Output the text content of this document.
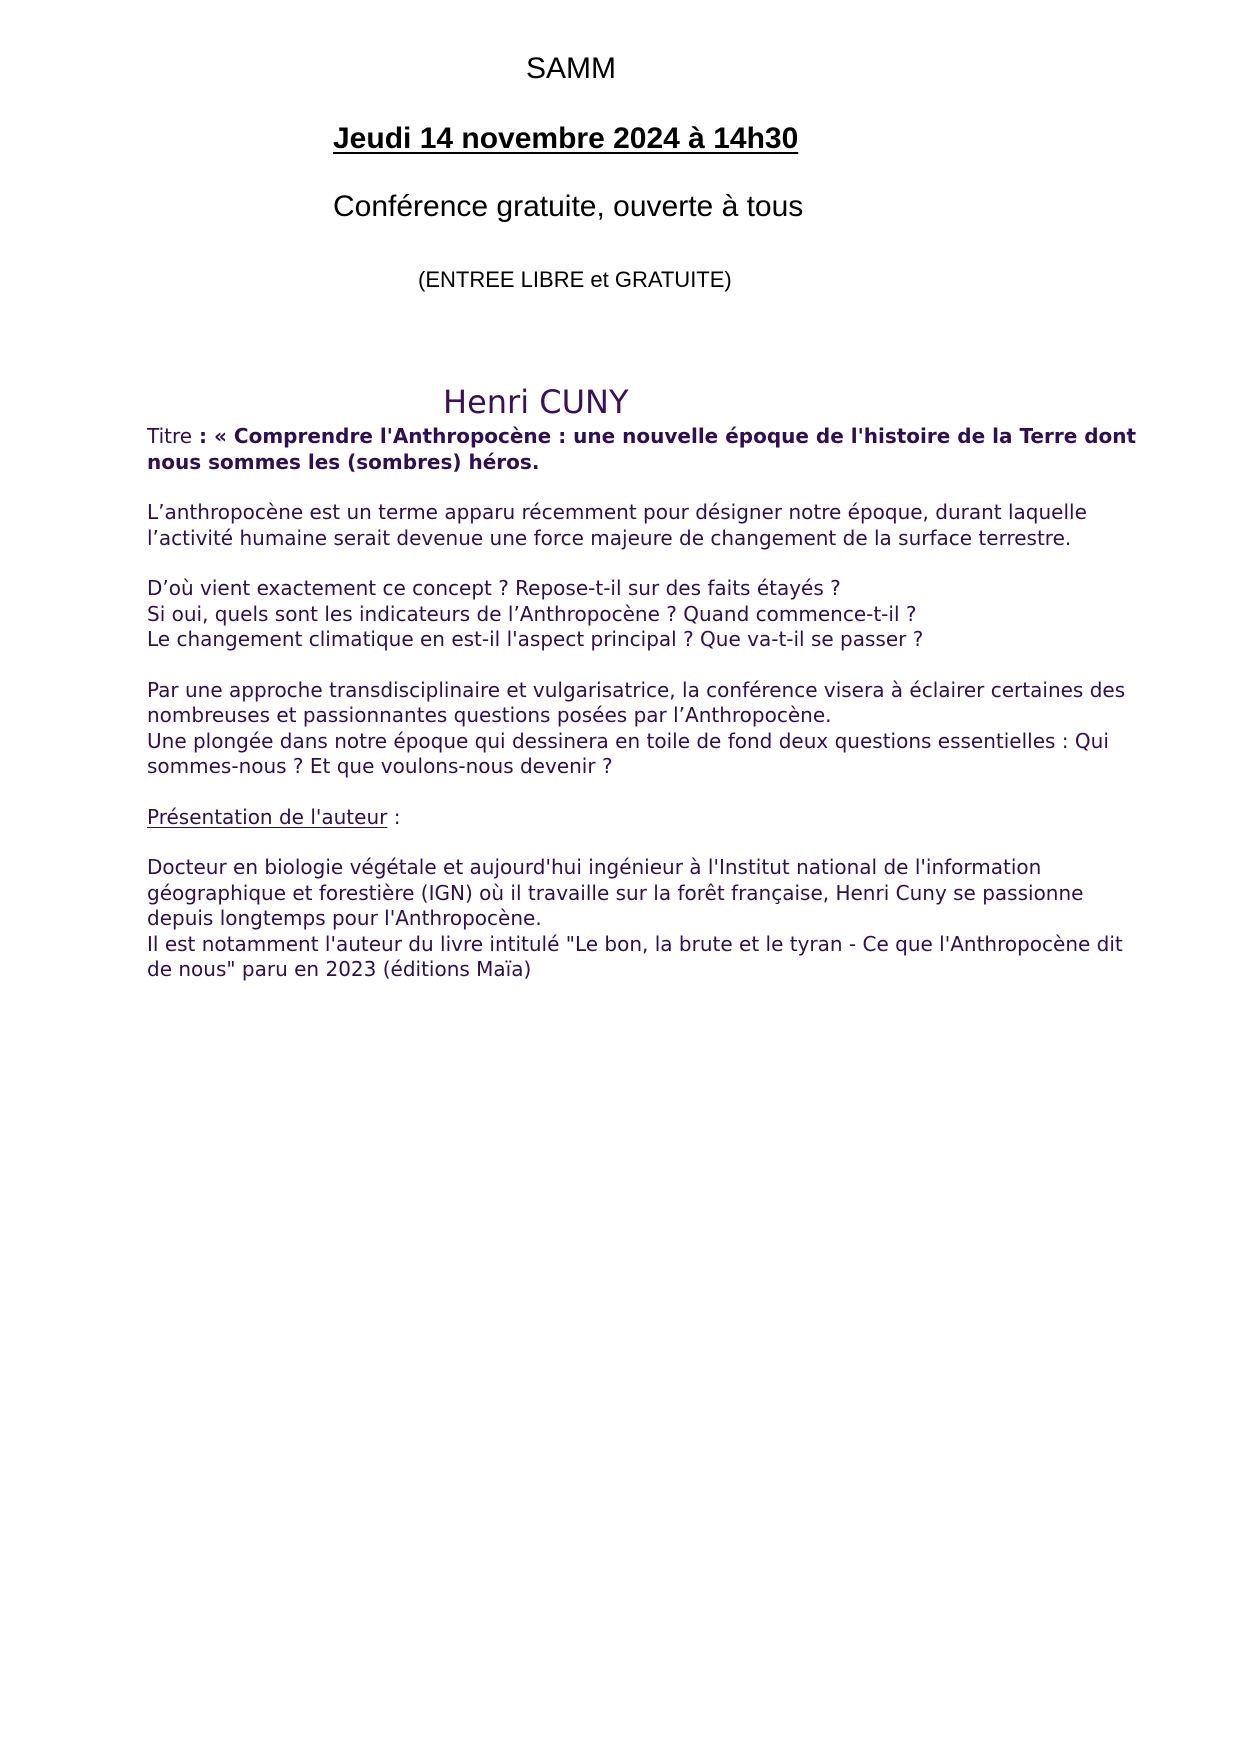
SAMM
Jeudi 14 novembre 2024 à 14h30
Conférence gratuite, ouverte à tous
(ENTREE LIBRE et GRATUITE)
Henri CUNY

Titre : « Comprendre l'Anthropocène : une nouvelle époque de l'histoire de la Terre dont nous sommes les (sombres) héros.

L’anthropocène est un terme apparu récemment pour désigner notre époque, durant laquelle l’activité humaine serait devenue une force majeure de changement de la surface terrestre.

D’où vient exactement ce concept ? Repose-t-il sur des faits étayés ?
Si oui, quels sont les indicateurs de l’Anthropocène ? Quand commence-t-il ?
Le changement climatique en est-il l'aspect principal ? Que va-t-il se passer ?

Par une approche transdisciplinaire et vulgarisatrice, la conférence visera à éclairer certaines des nombreuses et passionnantes questions posées par l’Anthropocène.
Une plongée dans notre époque qui dessinera en toile de fond deux questions essentielles : Qui sommes-nous ? Et que voulons-nous devenir ?

Présentation de l'auteur :

Docteur en biologie végétale et aujourd'hui ingénieur à l'Institut national de l'information géographique et forestière (IGN) où il travaille sur la forêt française, Henri Cuny se passionne depuis longtemps pour l'Anthropocène.
Il est notamment l'auteur du livre intitulé "Le bon, la brute et le tyran - Ce que l'Anthropocène dit de nous" paru en 2023 (éditions Maïa)
